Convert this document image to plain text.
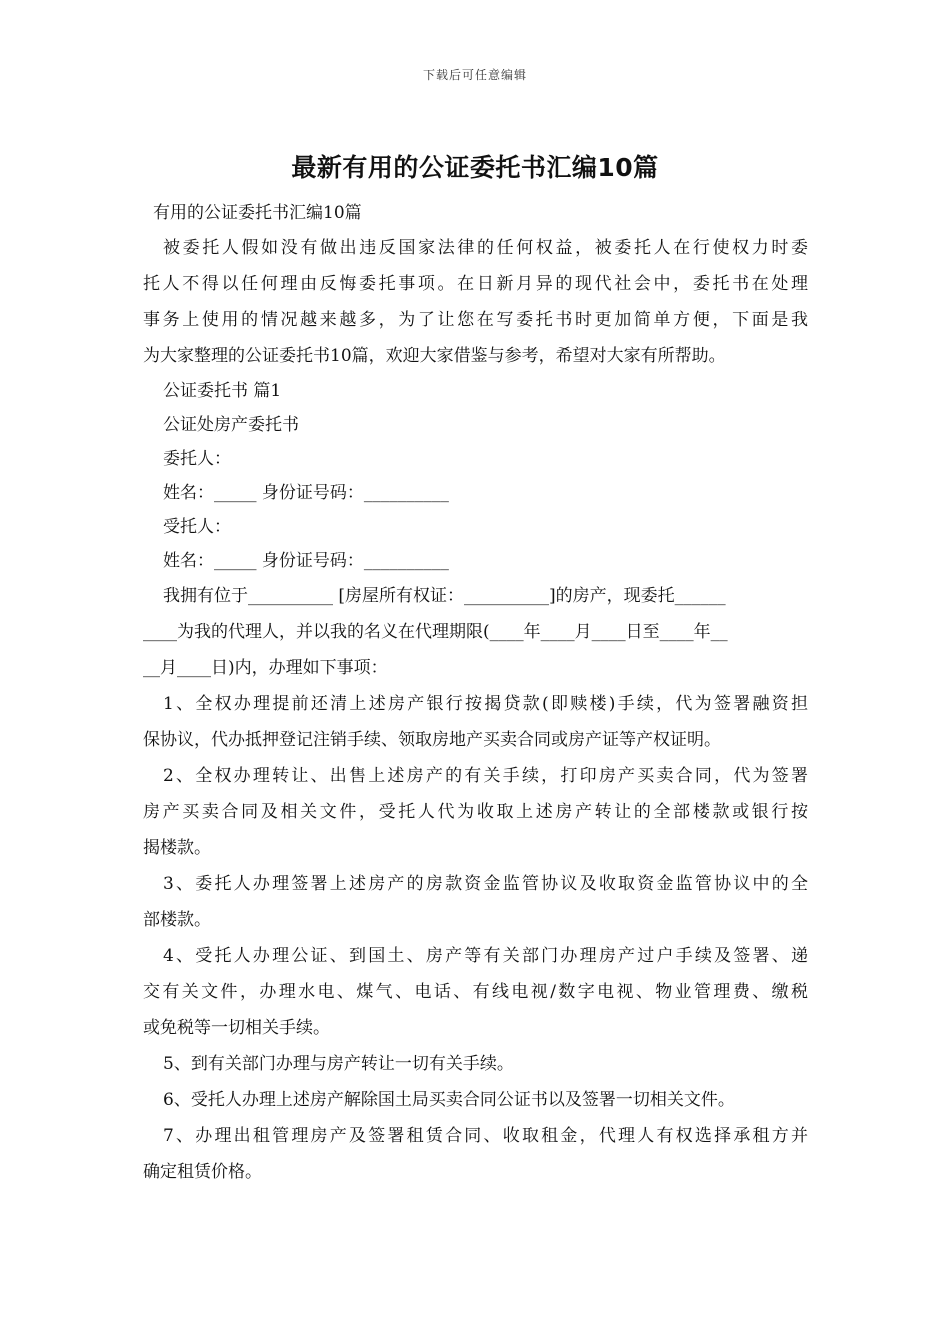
下载后可任意编辑
最新有用的公证委托书汇编10篇
有用的公证委托书汇编10篇
被委托人假如没有做出违反国家法律的任何权益，被委托人在行使权力时委
托人不得以任何理由反悔委托事项。在日新月异的现代社会中，委托书在处理
事务上使用的情况越来越多，为了让您在写委托书时更加简单方便，下面是我
为大家整理的公证委托书10篇，欢迎大家借鉴与参考，希望对大家有所帮助。
公证委托书 篇1
公证处房产委托书
委托人：
姓名：_____ 身份证号码：__________
受托人：
姓名：_____ 身份证号码：__________
我拥有位于__________ [房屋所有权证：__________]的房产，现委托______
____为我的代理人，并以我的名义在代理期限(____年____月____日至____年__
__月____日)内，办理如下事项：
1、全权办理提前还清上述房产银行按揭贷款(即赎楼)手续，代为签署融资担
保协议，代办抵押登记注销手续、领取房地产买卖合同或房产证等产权证明。
2、全权办理转让、出售上述房产的有关手续，打印房产买卖合同，代为签署
房产买卖合同及相关文件，受托人代为收取上述房产转让的全部楼款或银行按
揭楼款。
3、委托人办理签署上述房产的房款资金监管协议及收取资金监管协议中的全
部楼款。
4、受托人办理公证、到国土、房产等有关部门办理房产过户手续及签署、递
交有关文件，办理水电、煤气、电话、有线电视/数字电视、物业管理费、缴税
或免税等一切相关手续。
5、到有关部门办理与房产转让一切有关手续。
6、受托人办理上述房产解除国土局买卖合同公证书以及签署一切相关文件。
7、办理出租管理房产及签署租赁合同、收取租金，代理人有权选择承租方并
确定租赁价格。
